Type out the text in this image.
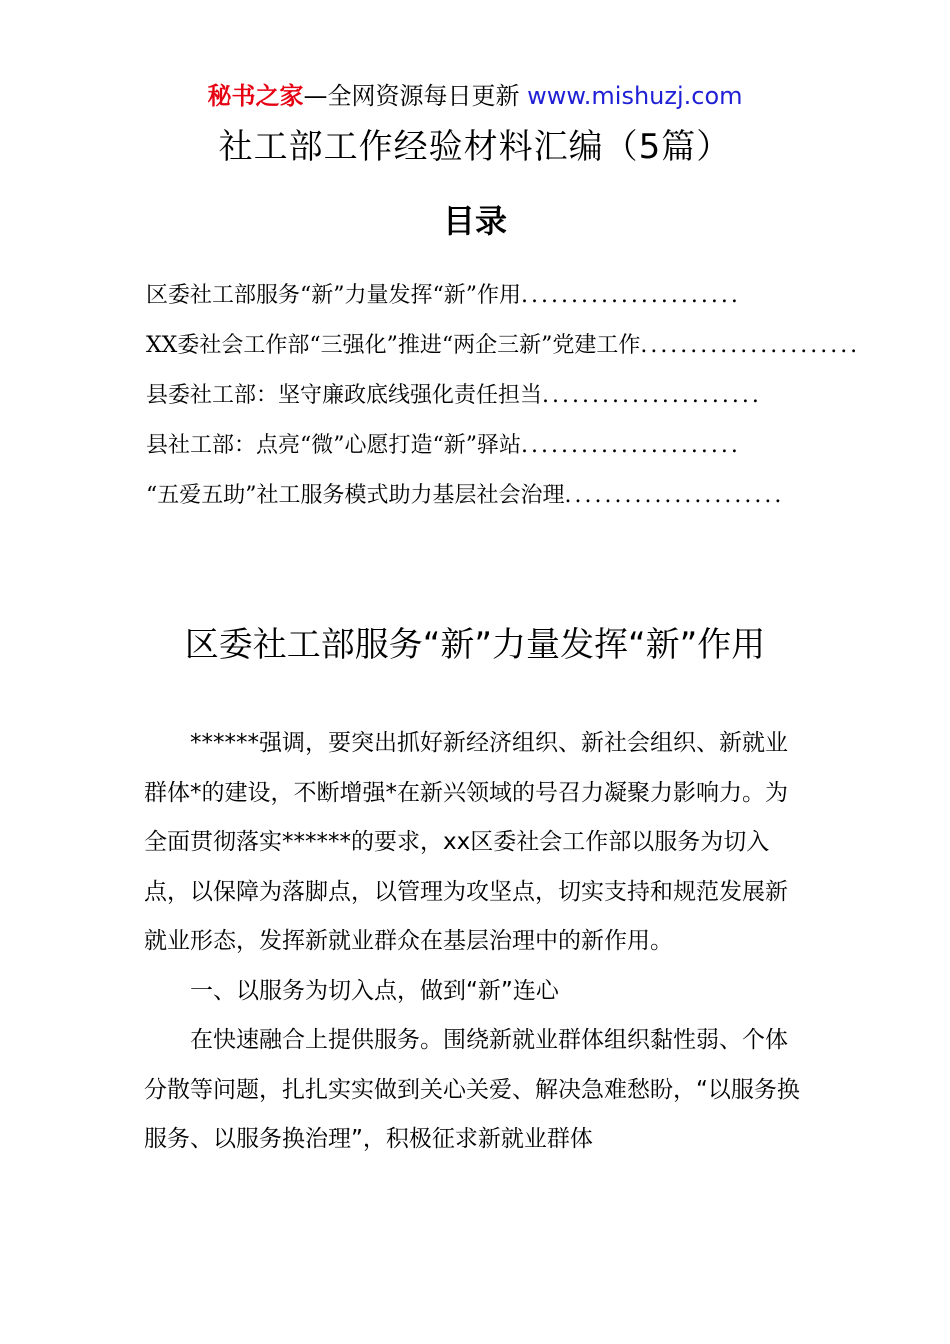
秘书之家—全网资源每日更新 www.mishuzj.com
社工部工作经验材料汇编（5篇）
目录
区委社工部服务“新”力量发挥“新”作用......................
XX委社会工作部“三强化”推进“两企三新”党建工作......................
县委社工部：坚守廉政底线强化责任担当......................
县社工部：点亮“微”心愿打造“新”驿站......................
“五爱五助”社工服务模式助力基层社会治理......................
区委社工部服务“新”力量发挥“新”作用

******强调，要突出抓好新经济组织、新社会组织、新就业群体*的建设，不断增强*在新兴领域的号召力凝聚力影响力。为全面贯彻落实******的要求，xx区委社会工作部以服务为切入点，以保障为落脚点，以管理为攻坚点，切实支持和规范发展新就业形态，发挥新就业群众在基层治理中的新作用。

一、以服务为切入点，做到“新”连心

在快速融合上提供服务。围绕新就业群体组织黏性弱、个体分散等问题，扎扎实实做到关心关爱、解决急难愁盼，“以服务换服务、以服务换治理”，积极征求新就业群体
